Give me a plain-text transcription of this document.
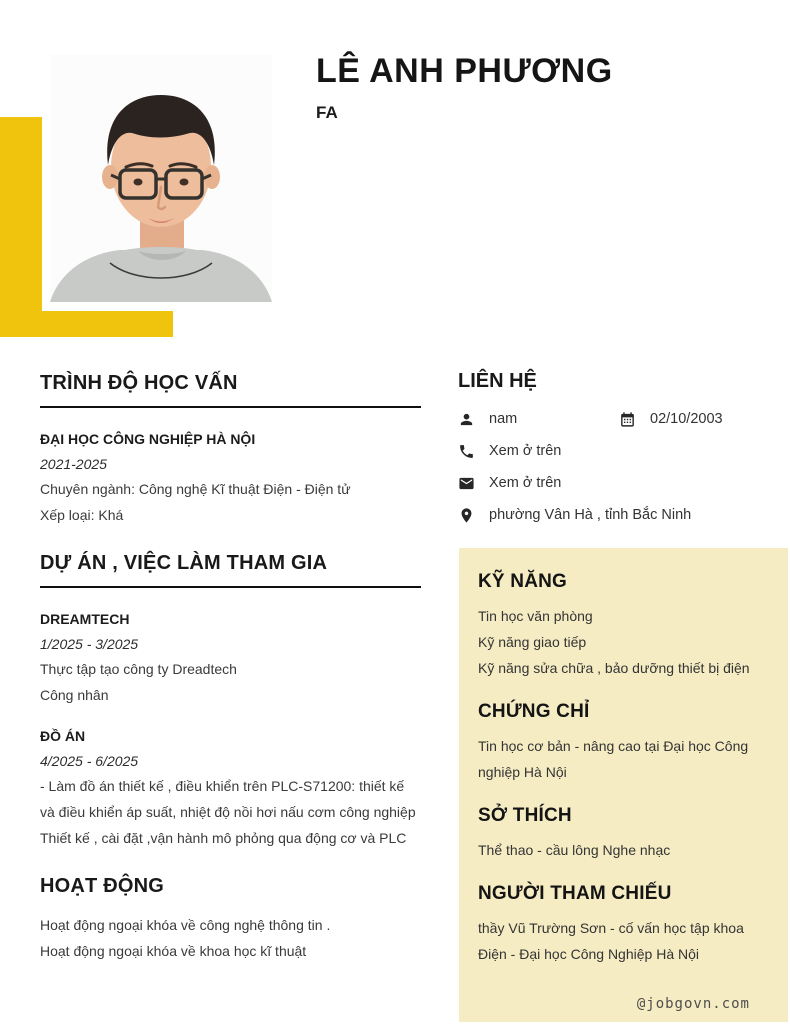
LÊ ANH PHƯƠNG
FA
TRÌNH ĐỘ HỌC VẤN
ĐẠI HỌC CÔNG NGHIỆP HÀ NỘI
2021-2025
Chuyên ngành: Công nghệ Kĩ thuật Điện - Điện tử
Xếp loại: Khá
DỰ ÁN , VIỆC LÀM THAM GIA
DREAMTECH
1/2025 - 3/2025
Thực tập tạo công ty Dreadtech
Công nhân
ĐỒ ÁN
4/2025 - 6/2025
- Làm đồ án thiết kế , điều khiển trên PLC-S71200: thiết kế và điều khiển áp suất, nhiệt độ nồi hơi nấu cơm công nghiệp
Thiết kế , cài đặt ,vận hành mô phỏng qua động cơ và PLC
HOẠT ĐỘNG
Hoạt động ngoại khóa về công nghệ thông tin .
Hoạt động ngoại khóa về khoa học kĩ thuật
LIÊN HỆ
nam	02/10/2003
Xem ở trên
Xem ở trên
phường Vân Hà , tỉnh Bắc Ninh
KỸ NĂNG
Tin học văn phòng
Kỹ năng giao tiếp
Kỹ năng sửa chữa , bảo dưỡng thiết bị điện
CHỨNG CHỈ
Tin học cơ bản - nâng cao tại Đại học Công nghiệp Hà Nội
SỞ THÍCH
Thể thao - cầu lông Nghe nhạc
NGƯỜI THAM CHIẾU
thầy Vũ Trường Sơn - cố vấn học tập khoa Điện - Đại học Công Nghiệp Hà Nội
@jobgovn.com
